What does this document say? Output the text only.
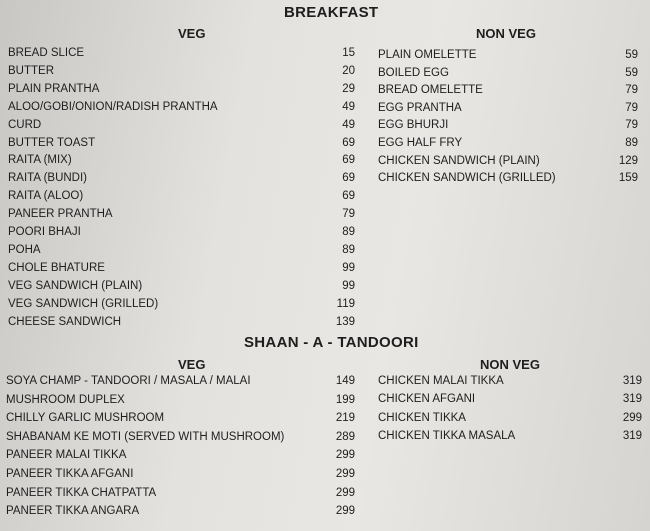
BREAKFAST
VEG	NON VEG
SHAAN - A - TANDOORI
VEG	NON VEG
BREAD SLICE	15
BUTTER	20
PLAIN PRANTHA	29
ALOO/GOBI/ONION/RADISH PRANTHA	49
CURD	49
BUTTER TOAST	69
RAITA (MIX)	69
RAITA (BUNDI)	69
RAITA (ALOO)	69
PANEER PRANTHA	79
POORI BHAJI	89
POHA	89
CHOLE BHATURE	99
VEG SANDWICH (PLAIN)	99
VEG SANDWICH (GRILLED)	119
CHEESE SANDWICH	139
PLAIN OMELETTE	59
BOILED EGG	59
BREAD OMELETTE	79
EGG PRANTHA	79
EGG BHURJI	79
EGG HALF FRY	89
CHICKEN SANDWICH (PLAIN)	129
CHICKEN SANDWICH (GRILLED)	159
SOYA CHAMP - TANDOORI / MASALA / MALAI	149
MUSHROOM DUPLEX	199
CHILLY GARLIC MUSHROOM	219
SHABANAM KE MOTI (SERVED WITH MUSHROOM)	289
PANEER MALAI TIKKA	299
PANEER TIKKA AFGANI	299
PANEER TIKKA CHATPATTA	299
PANEER TIKKA ANGARA	299
CHICKEN MALAI TIKKA	319
CHICKEN AFGANI	319
CHICKEN TIKKA	299
CHICKEN TIKKA MASALA	319
